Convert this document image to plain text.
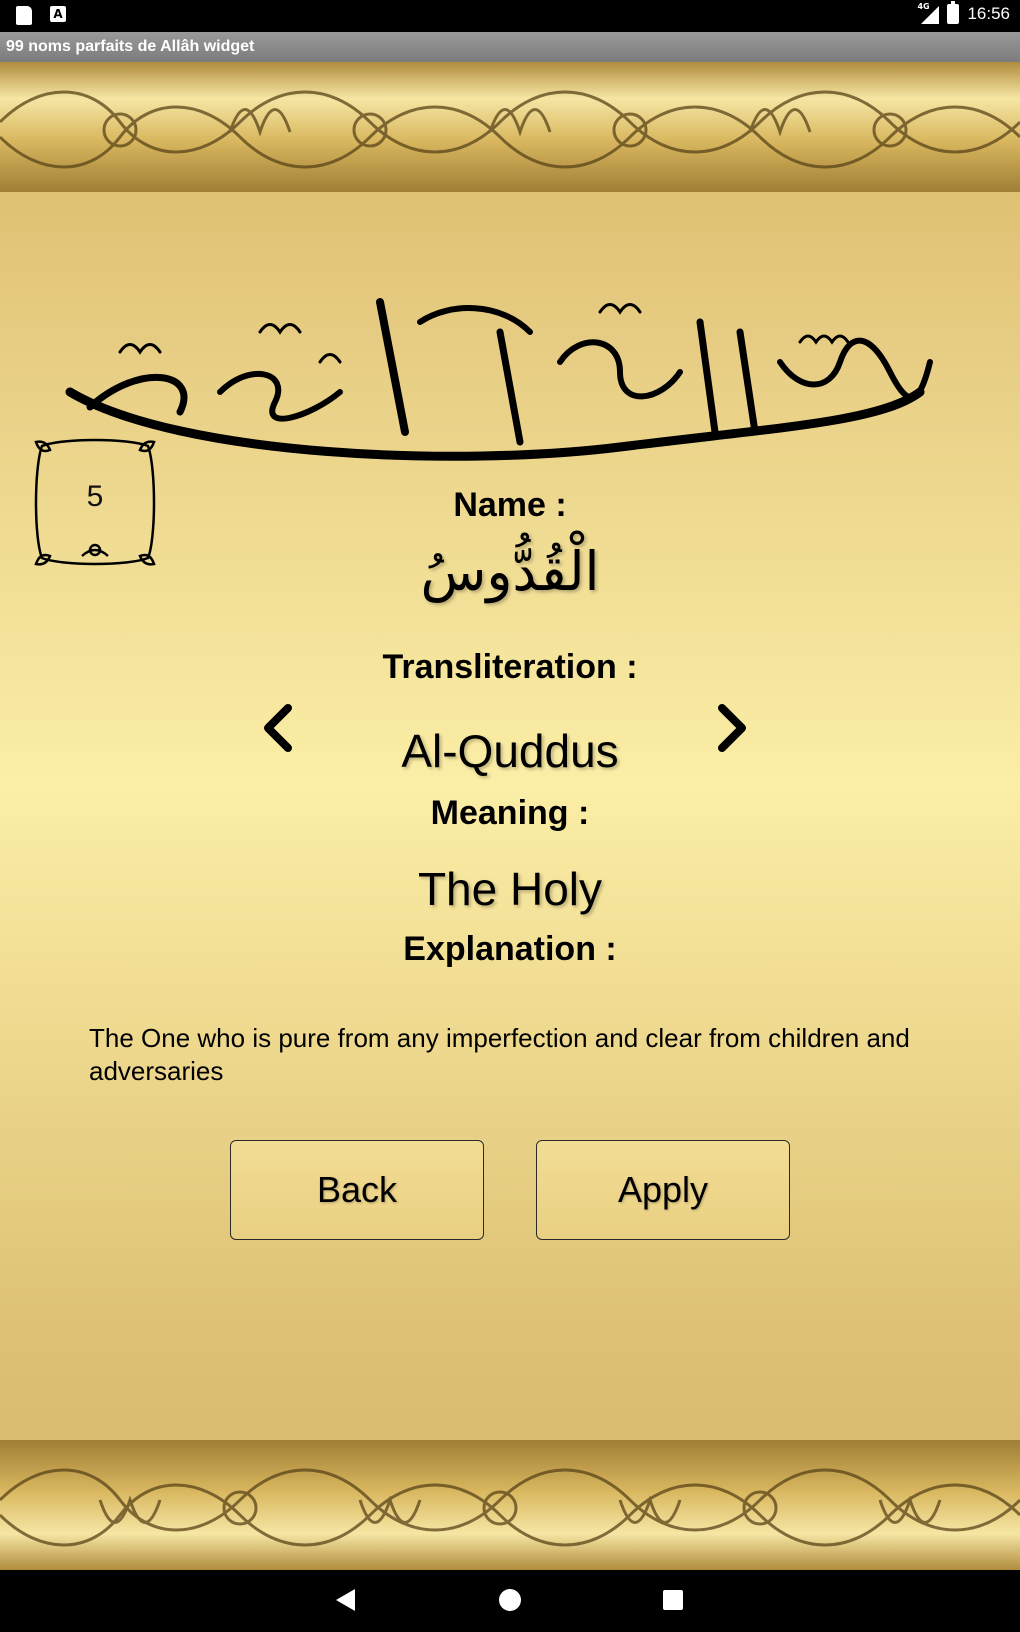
A
4G 16:56
99 noms parfaits de Allâh widget
5	Name :
الْقُدُّوسُ
Transliteration :
Al-Quddus
Meaning :
The Holy
Explanation :
The One who is pure from any imperfection and clear from children and adversaries
Back	Apply
